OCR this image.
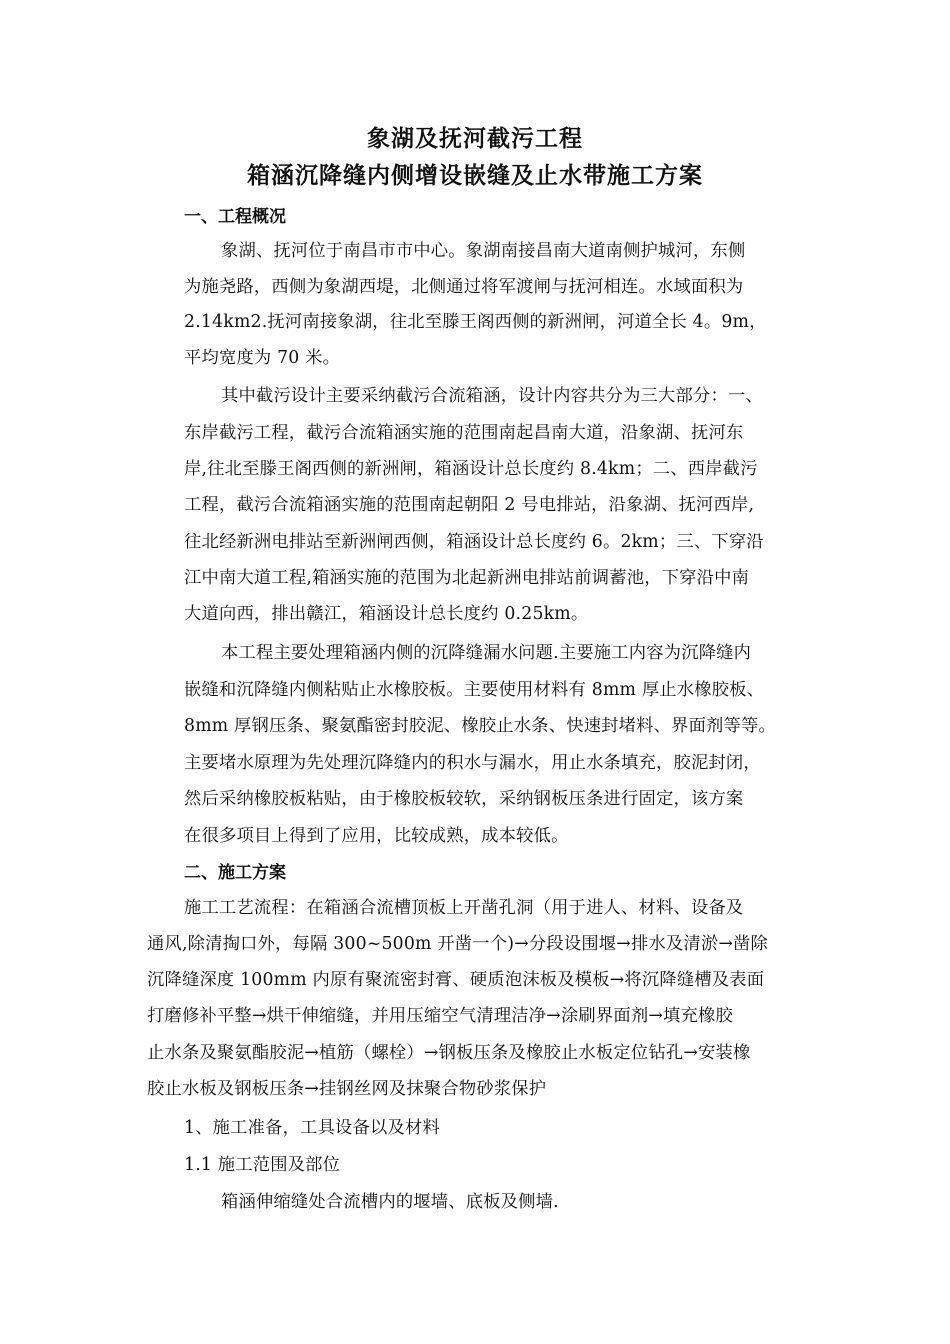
象湖及抚河截污工程
箱涵沉降缝内侧增设嵌缝及止水带施工方案
一、工程概况
象湖、抚河位于南昌市市中心。象湖南接昌南大道南侧护城河，东侧
为施尧路，西侧为象湖西堤，北侧通过将军渡闸与抚河相连。水域面积为
2.14km2.抚河南接象湖，往北至滕王阁西侧的新洲闸，河道全长 4。9m，
平均宽度为 70 米。
其中截污设计主要采纳截污合流箱涵，设计内容共分为三大部分：一、
东岸截污工程，截污合流箱涵实施的范围南起昌南大道，沿象湖、抚河东
岸,往北至滕王阁西侧的新洲闸，箱涵设计总长度约 8.4km；二、西岸截污
工程，截污合流箱涵实施的范围南起朝阳 2 号电排站，沿象湖、抚河西岸,
往北经新洲电排站至新洲闸西侧，箱涵设计总长度约 6。2km；三、下穿沿
江中南大道工程,箱涵实施的范围为北起新洲电排站前调蓄池，下穿沿中南
大道向西，排出赣江，箱涵设计总长度约 0.25km。
本工程主要处理箱涵内侧的沉降缝漏水问题.主要施工内容为沉降缝内
嵌缝和沉降缝内侧粘贴止水橡胶板。主要使用材料有 8mm 厚止水橡胶板、
8mm 厚钢压条、聚氨酯密封胶泥、橡胶止水条、快速封堵料、界面剂等等。
主要堵水原理为先处理沉降缝内的积水与漏水，用止水条填充，胶泥封闭，
然后采纳橡胶板粘贴，由于橡胶板较软，采纳钢板压条进行固定，该方案
在很多项目上得到了应用，比较成熟，成本较低。
二、施工方案
施工工艺流程：在箱涵合流槽顶板上开凿孔洞（用于进人、材料、设备及
通风,除清掏口外，每隔 300~500m 开凿一个)→分段设围堰→排水及清淤→凿除
沉降缝深度 100mm 内原有聚流密封膏、硬质泡沫板及模板→将沉降缝槽及表面
打磨修补平整→烘干伸缩缝，并用压缩空气清理洁净→涂刷界面剂→填充橡胶
止水条及聚氨酯胶泥→植筋（螺栓）→钢板压条及橡胶止水板定位钻孔→安装橡
胶止水板及钢板压条→挂钢丝网及抹聚合物砂浆保护
1、施工准备，工具设备以及材料
1.1 施工范围及部位
箱涵伸缩缝处合流槽内的堰墙、底板及侧墙.
